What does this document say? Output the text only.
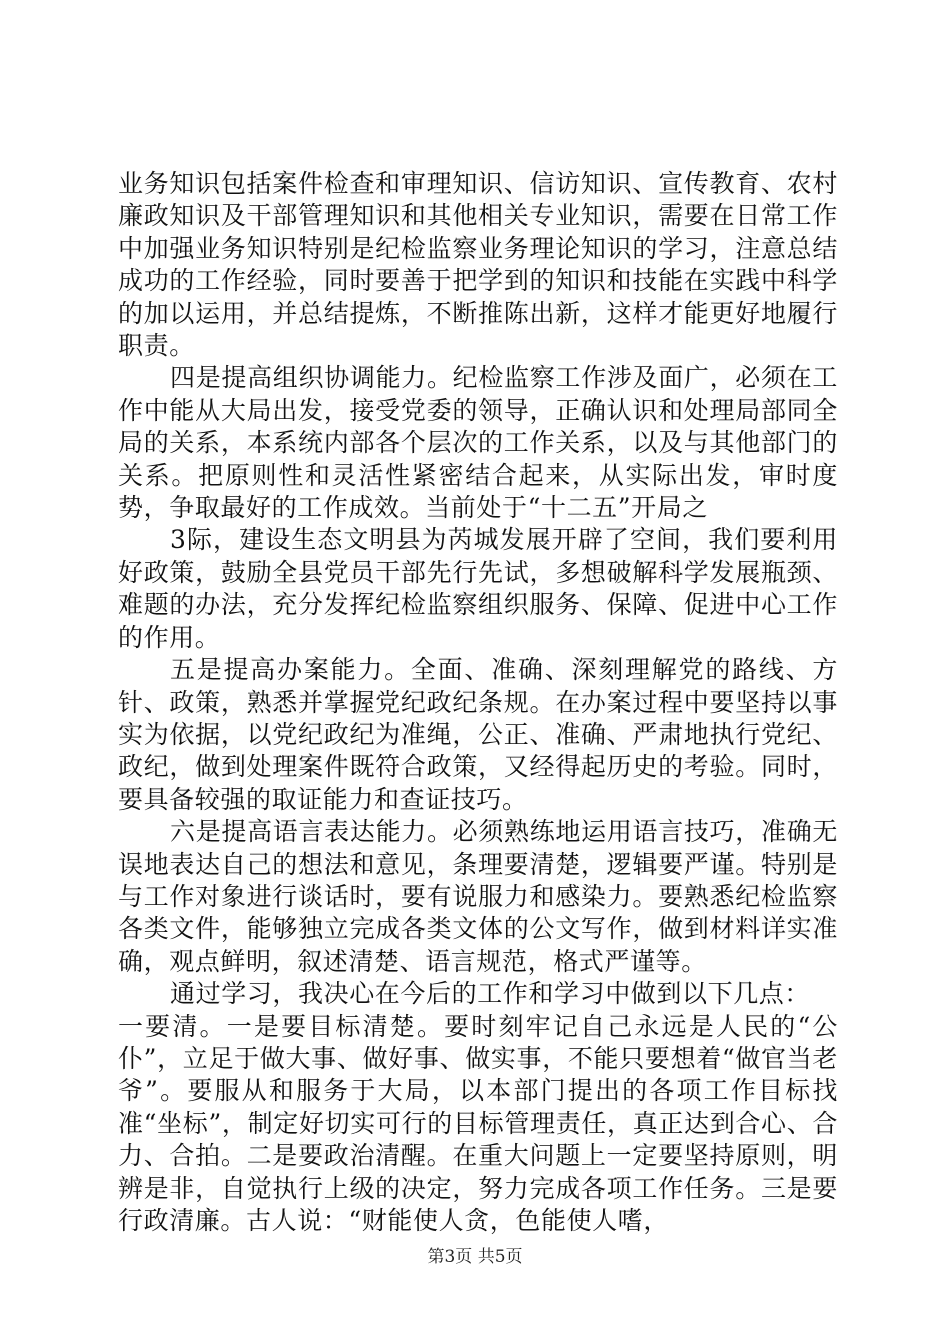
业务知识包括案件检查和审理知识、信访知识、宣传教育、农村廉政知识及干部管理知识和其他相关专业知识，需要在日常工作中加强业务知识特别是纪检监察业务理论知识的学习，注意总结成功的工作经验，同时要善于把学到的知识和技能在实践中科学的加以运用，并总结提炼，不断推陈出新，这样才能更好地履行职责。

四是提高组织协调能力。纪检监察工作涉及面广，必须在工作中能从大局出发，接受党委的领导，正确认识和处理局部同全局的关系，本系统内部各个层次的工作关系，以及与其他部门的关系。把原则性和灵活性紧密结合起来，从实际出发，审时度势，争取最好的工作成效。当前处于“十二五”开局之

3际，建设生态文明县为芮城发展开辟了空间，我们要利用好政策，鼓励全县党员干部先行先试，多想破解科学发展瓶颈、难题的办法，充分发挥纪检监察组织服务、保障、促进中心工作的作用。

五是提高办案能力。全面、准确、深刻理解党的路线、方针、政策，熟悉并掌握党纪政纪条规。在办案过程中要坚持以事实为依据，以党纪政纪为准绳，公正、准确、严肃地执行党纪、政纪，做到处理案件既符合政策，又经得起历史的考验。同时，要具备较强的取证能力和查证技巧。

六是提高语言表达能力。必须熟练地运用语言技巧，准确无误地表达自己的想法和意见，条理要清楚，逻辑要严谨。特别是与工作对象进行谈话时，要有说服力和感染力。要熟悉纪检监察各类文件，能够独立完成各类文体的公文写作，做到材料详实准确，观点鲜明，叙述清楚、语言规范，格式严谨等。

通过学习，我决心在今后的工作和学习中做到以下几点：

一要清。一是要目标清楚。要时刻牢记自己永远是人民的“公仆”，立足于做大事、做好事、做实事，不能只要想着“做官当老爷”。要服从和服务于大局，以本部门提出的各项工作目标找准“坐标”，制定好切实可行的目标管理责任，真正达到合心、合力、合拍。二是要政治清醒。在重大问题上一定要坚持原则，明辨是非，自觉执行上级的决定，努力完成各项工作任务。三是要行政清廉。古人说：“财能使人贪，色能使人嗜，

第3页 共5页
